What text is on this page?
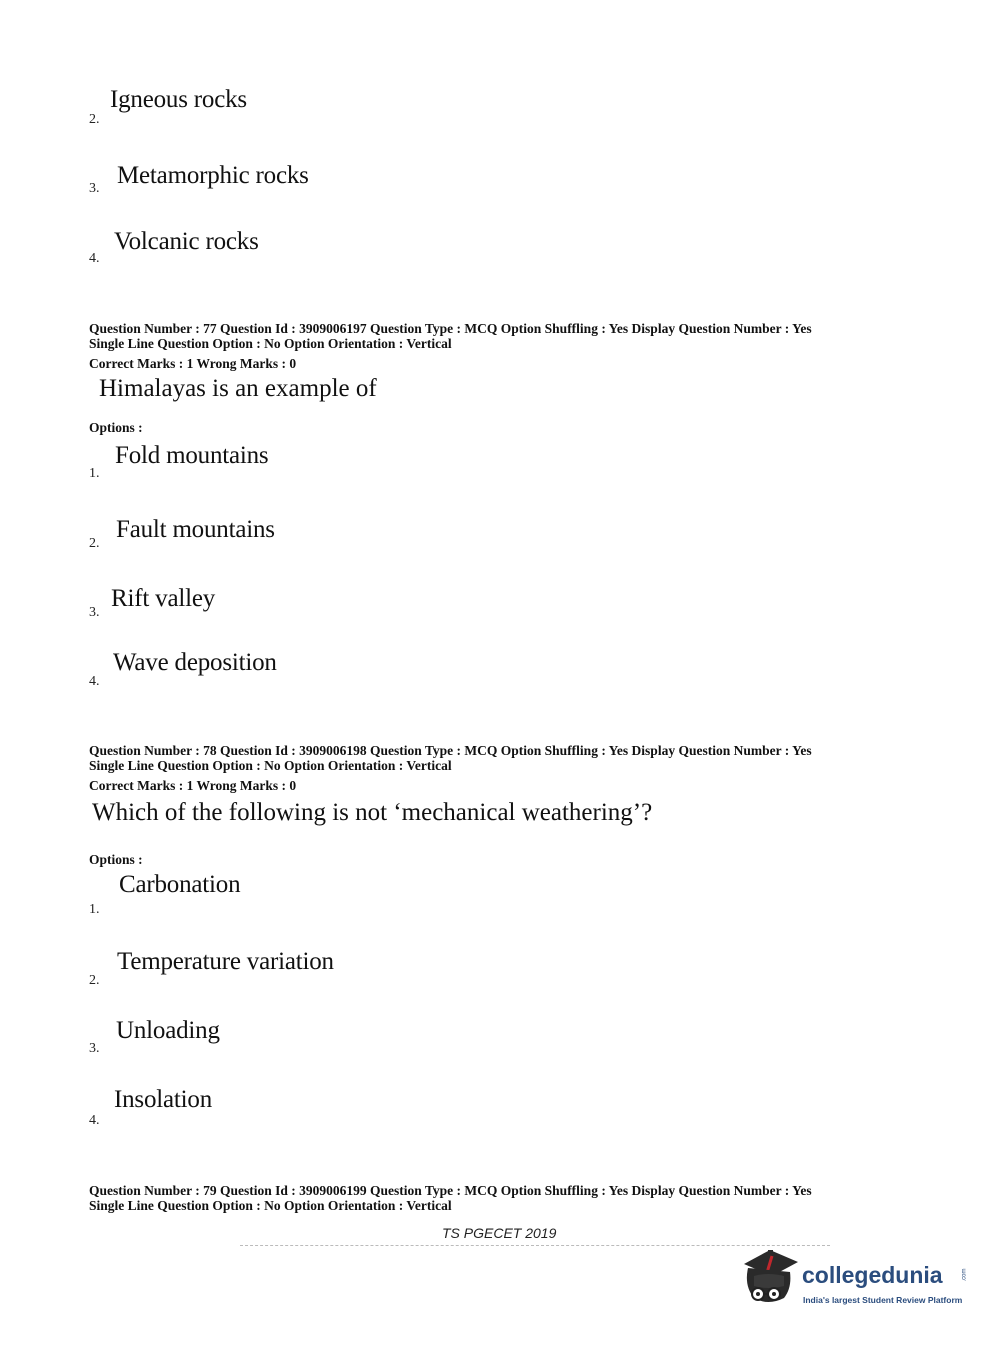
2.
Igneous rocks
3. Metamorphic rocks
4.
Volcanic rocks
Question Number : 77 Question Id : 3909006197 Question Type : MCQ Option Shuffling : Yes Display Question Number : Yes
Single Line Question Option : No Option Orientation : Vertical
Correct Marks : 1 Wrong Marks : 0
Himalayas is an example of
Options :
1.
Fold mountains
2.
Fault mountains
3.
Rift valley
4.
Wave deposition
Question Number : 78 Question Id : 3909006198 Question Type : MCQ Option Shuffling : Yes Display Question Number : Yes
Single Line Question Option : No Option Orientation : Vertical
Correct Marks : 1 Wrong Marks : 0
Which of the following is not ‘mechanical weathering’?
Options :
1.
Carbonation
2.
Temperature variation
3.
Unloading
4.
Insolation
Question Number : 79 Question Id : 3909006199 Question Type : MCQ Option Shuffling : Yes Display Question Number : Yes
Single Line Question Option : No Option Orientation : Vertical
TS PGECET 2019
collegedunia	.com
India's largest Student Review Platform
